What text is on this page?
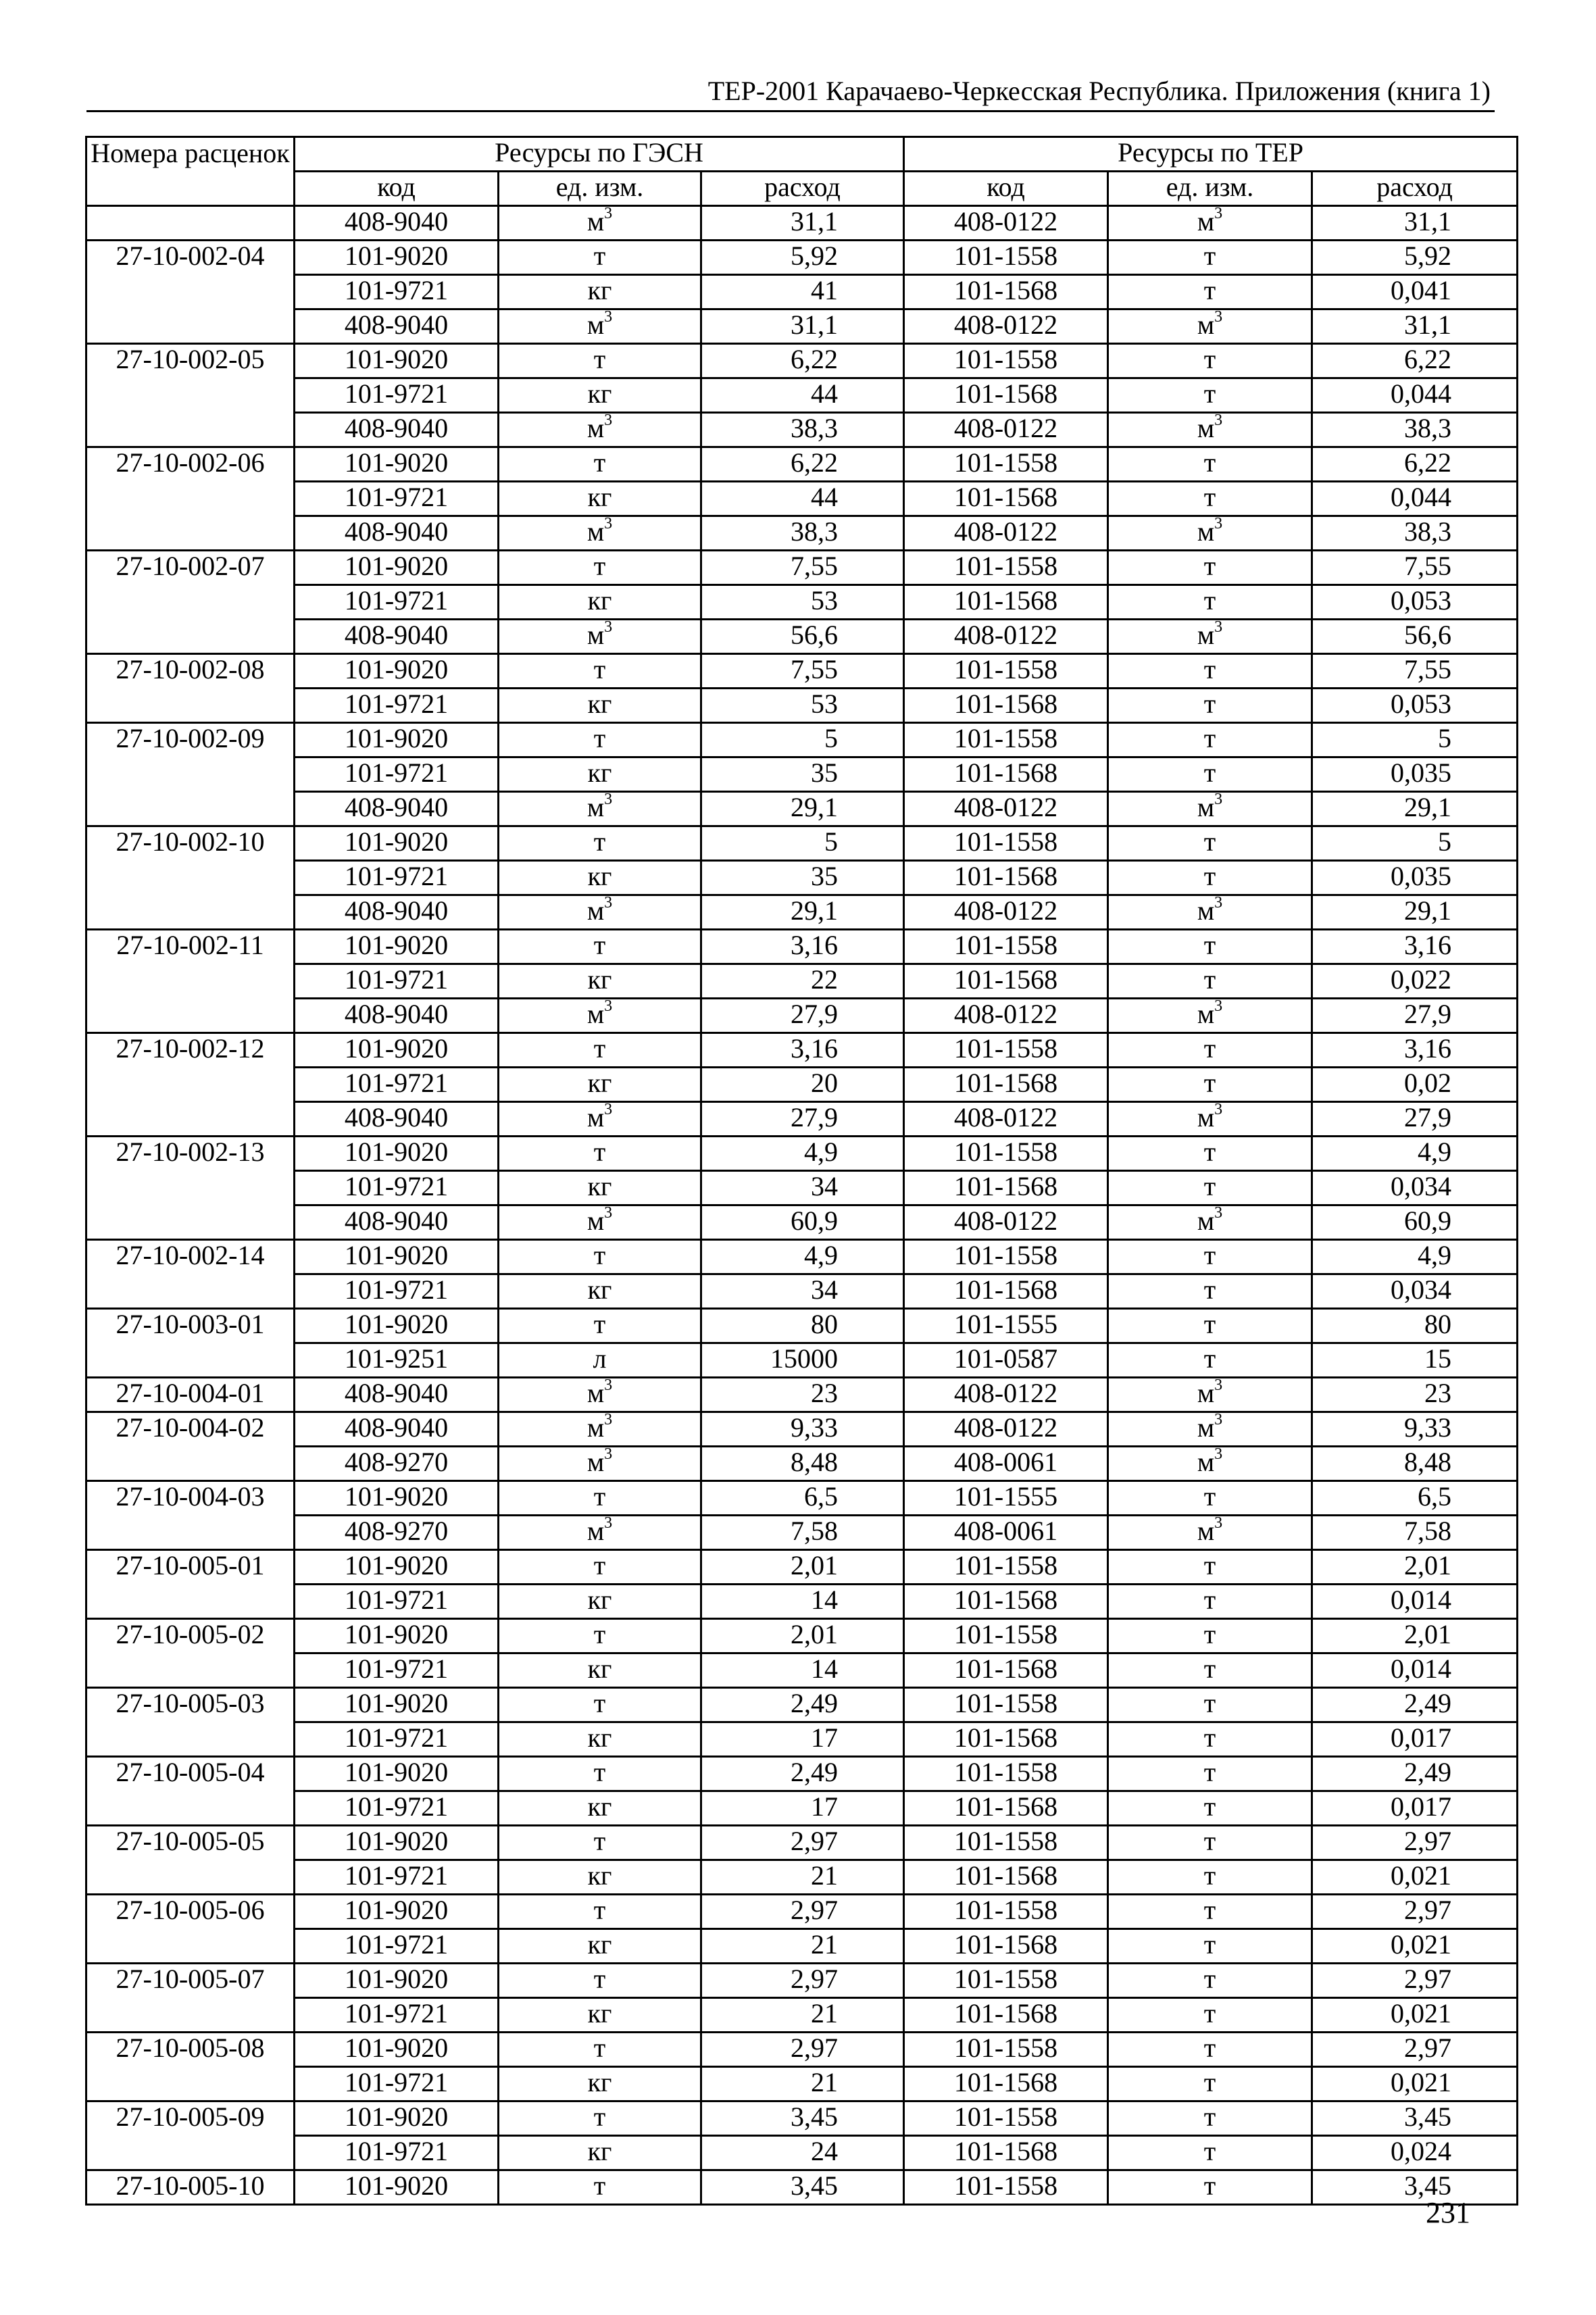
ТЕР-2001 Карачаево-Черкесская Республика. Приложения (книга 1)
Номера расценок	Ресурсы по ГЭСН			Ресурсы по ТЕР		
	код	ед. изм.	расход	код	ед. изм.	расход
	408-9040	$м^3$	31,1	408-0122	$м^3$	31,1
27-10-002-04	101-9020	т	5,92	101-1558	т	5,92
	101-9721	кг	41	101-1568	т	0,041
	408-9040	$м^3$	31,1	408-0122	$м^3$	31,1
27-10-002-05	101-9020	т	6,22	101-1558	т	6,22
	101-9721	кг	44	101-1568	т	0,044
	408-9040	$м^3$	38,3	408-0122	$м^3$	38,3
27-10-002-06	101-9020	т	6,22	101-1558	т	6,22
	101-9721	кг	44	101-1568	т	0,044
	408-9040	$м^3$	38,3	408-0122	$м^3$	38,3
27-10-002-07	101-9020	т	7,55	101-1558	т	7,55
	101-9721	кг	53	101-1568	т	0,053
	408-9040	$м^3$	56,6	408-0122	$м^3$	56,6
27-10-002-08	101-9020	т	7,55	101-1558	т	7,55
	101-9721	кг	53	101-1568	т	0,053
27-10-002-09	101-9020	т	5	101-1558	т	5
	101-9721	кг	35	101-1568	т	0,035
	408-9040	$м^3$	29,1	408-0122	$м^3$	29,1
27-10-002-10	101-9020	т	5	101-1558	т	5
	101-9721	кг	35	101-1568	т	0,035
	408-9040	$м^3$	29,1	408-0122	$м^3$	29,1
27-10-002-11	101-9020	т	3,16	101-1558	т	3,16
	101-9721	кг	22	101-1568	т	0,022
	408-9040	$м^3$	27,9	408-0122	$м^3$	27,9
27-10-002-12	101-9020	т	3,16	101-1558	т	3,16
	101-9721	кг	20	101-1568	т	0,02
	408-9040	$м^3$	27,9	408-0122	$м^3$	27,9
27-10-002-13	101-9020	т	4,9	101-1558	т	4,9
	101-9721	кг	34	101-1568	т	0,034
	408-9040	$м^3$	60,9	408-0122	$м^3$	60,9
27-10-002-14	101-9020	т	4,9	101-1558	т	4,9
	101-9721	кг	34	101-1568	т	0,034
27-10-003-01	101-9020	т	80	101-1555	т	80
	101-9251	л	15000	101-0587	т	15
27-10-004-01	408-9040	$м^3$	23	408-0122	$м^3$	23
27-10-004-02	408-9040	$м^3$	9,33	408-0122	$м^3$	9,33
	408-9270	$м^3$	8,48	408-0061	$м^3$	8,48
27-10-004-03	101-9020	т	6,5	101-1555	т	6,5
	408-9270	$м^3$	7,58	408-0061	$м^3$	7,58
27-10-005-01	101-9020	т	2,01	101-1558	т	2,01
	101-9721	кг	14	101-1568	т	0,014
27-10-005-02	101-9020	т	2,01	101-1558	т	2,01
	101-9721	кг	14	101-1568	т	0,014
27-10-005-03	101-9020	т	2,49	101-1558	т	2,49
	101-9721	кг	17	101-1568	т	0,017
27-10-005-04	101-9020	т	2,49	101-1558	т	2,49
	101-9721	кг	17	101-1568	т	0,017
27-10-005-05	101-9020	т	2,97	101-1558	т	2,97
	101-9721	кг	21	101-1568	т	0,021
27-10-005-06	101-9020	т	2,97	101-1558	т	2,97
	101-9721	кг	21	101-1568	т	0,021
27-10-005-07	101-9020	т	2,97	101-1558	т	2,97
	101-9721	кг	21	101-1568	т	0,021
27-10-005-08	101-9020	т	2,97	101-1558	т	2,97
	101-9721	кг	21	101-1568	т	0,021
27-10-005-09	101-9020	т	3,45	101-1558	т	3,45
	101-9721	кг	24	101-1568	т	0,024
27-10-005-10	101-9020	т	3,45	101-1558	т	3,45
231
